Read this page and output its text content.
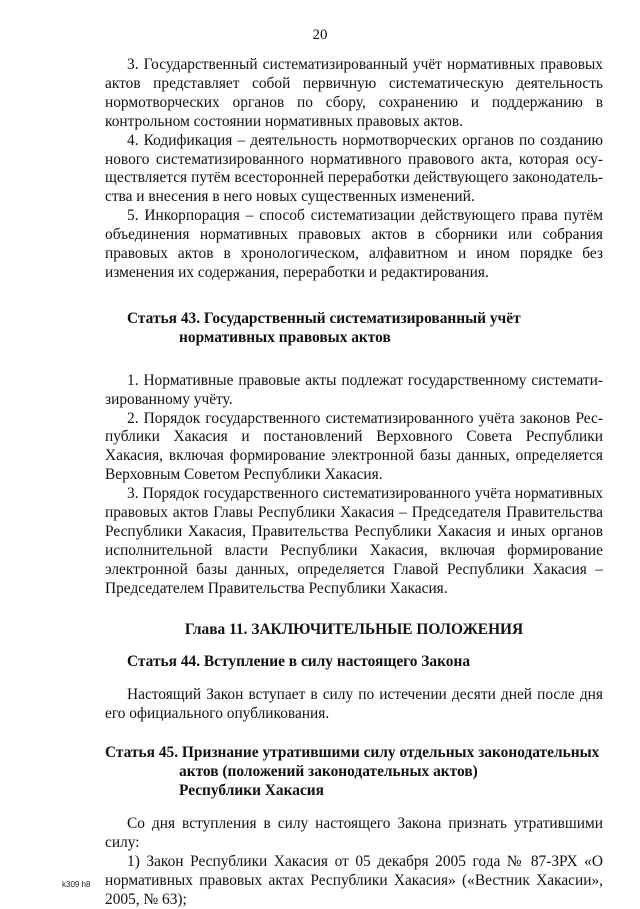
20

3. Государственный систематизированный учёт нормативных правовых актов представляет собой первичную систематическую деятельность нормотворческих органов по сбору, сохранению и поддержанию в контрольном состоянии нормативных правовых актов.

4. Кодификация – деятельность нормотворческих органов по созданию нового систематизированного нормативного правового акта, которая осуществляется путём всесторонней переработки действующего законодательства и внесения в него новых существенных изменений.

5. Инкорпорация – способ систематизации действующего права путём объединения нормативных правовых актов в сборники или собрания правовых актов в хронологическом, алфавитном и ином порядке без изменения их содержания, переработки и редактирования.

Статья 43. Государственный систематизированный учёт
нормативных правовых актов

1. Нормативные правовые акты подлежат государственному систематизированному учёту.

2. Порядок государственного систематизированного учёта законов Республики Хакасия и постановлений Верховного Совета Республики Хакасия, включая формирование электронной базы данных, определяется Верховным Советом Республики Хакасия.

3. Порядок государственного систематизированного учёта нормативных правовых актов Главы Республики Хакасия – Председателя Правительства Республики Хакасия, Правительства Республики Хакасия и иных органов исполнительной власти Республики Хакасия, включая формирование электронной базы данных, определяется Главой Республики Хакасия – Председателем Правительства Республики Хакасия.

Глава 11. ЗАКЛЮЧИТЕЛЬНЫЕ ПОЛОЖЕНИЯ
Статья 44. Вступление в силу настоящего Закона

Настоящий Закон вступает в силу по истечении десяти дней после дня его официального опубликования.

Статья 45. Признание утратившими силу отдельных законодательных
актов (положений законодательных актов)
Республики Хакасия

Со дня вступления в силу настоящего Закона признать утратившими силу:

1) Закон Республики Хакасия от 05 декабря 2005 года № 87-ЗРХ «О нормативных правовых актах Республики Хакасия» («Вестник Хакасии», 2005, № 63);

k309 h8
